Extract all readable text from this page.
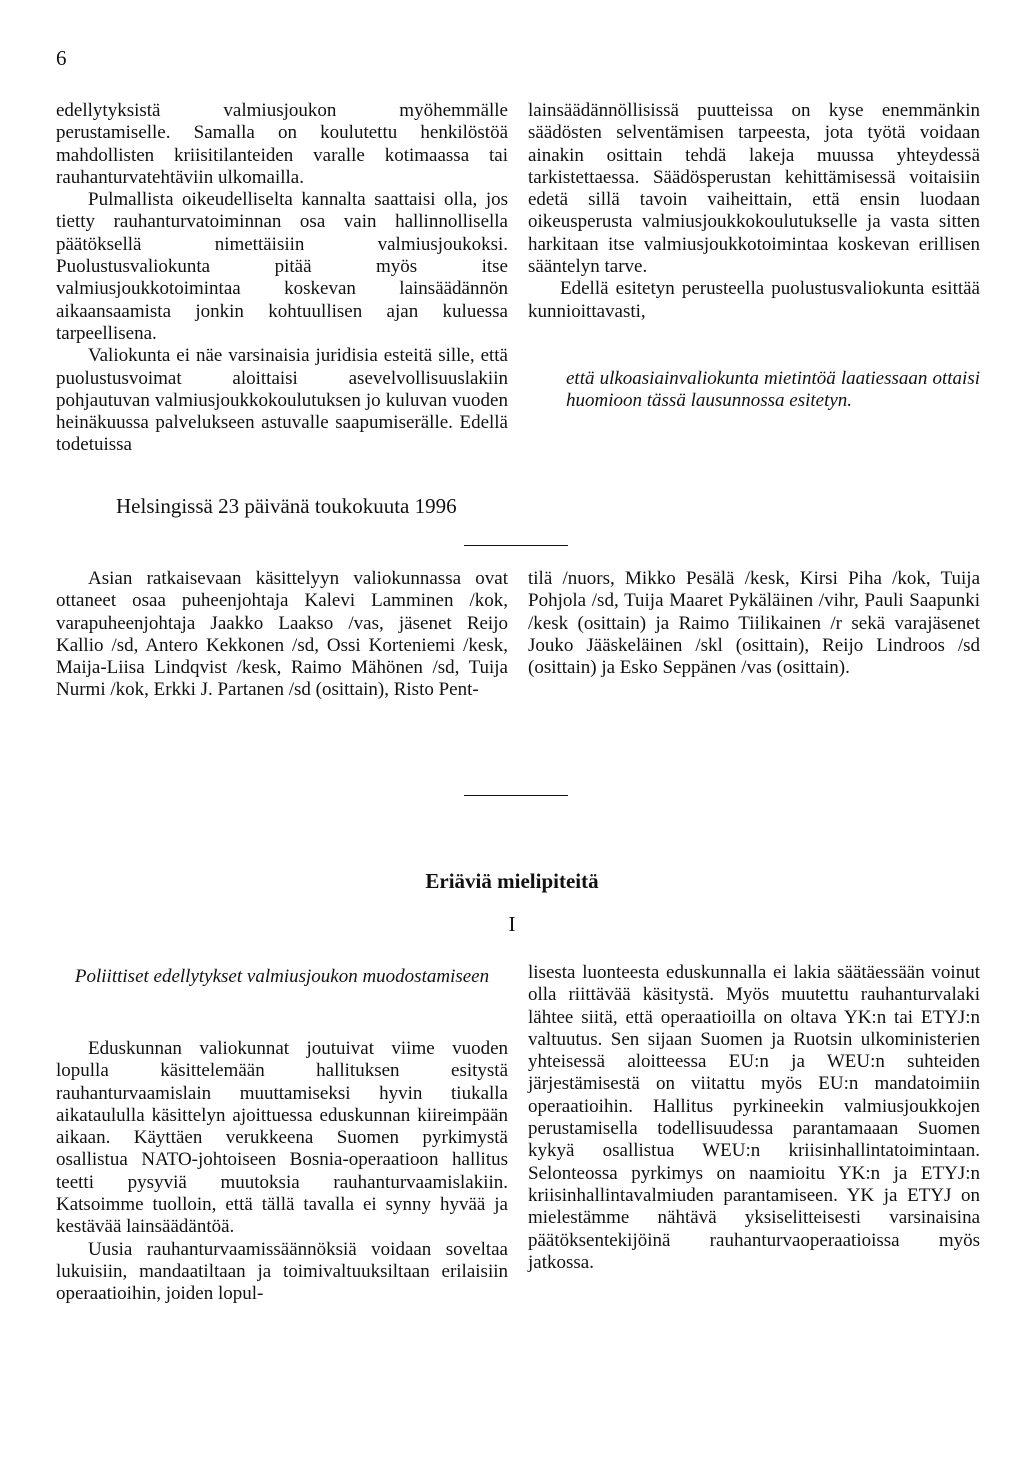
6

edellytyksistä valmiusjoukon myöhemmälle perustamiselle. Samalla on koulutettu henkilöstöä mahdollisten kriisitilanteiden varalle kotimaassa tai rauhanturvatehtäviin ulkomailla.

Pulmallista oikeudelliselta kannalta saattaisi olla, jos tietty rauhanturvatoiminnan osa vain hallinnollisella päätöksellä nimettäisiin valmiusjoukoksi. Puolustusvaliokunta pitää myös itse valmiusjoukkotoimintaa koskevan lainsäädännön aikaansaamista jonkin kohtuullisen ajan kuluessa tarpeellisena.

Valiokunta ei näe varsinaisia juridisia esteitä sille, että puolustusvoimat aloittaisi asevelvollisuuslakiin pohjautuvan valmiusjoukkokoulutuksen jo kuluvan vuoden heinäkuussa palvelukseen astuvalle saapumiserälle. Edellä todetuissa

lainsäädännöllisissä puutteissa on kyse enemmänkin säädösten selventämisen tarpeesta, jota työtä voidaan ainakin osittain tehdä lakeja muussa yhteydessä tarkistettaessa. Säädösperustan kehittämisessä voitaisiin edetä sillä tavoin vaiheittain, että ensin luodaan oikeusperusta valmiusjoukkokoulutukselle ja vasta sitten harkitaan itse valmiusjoukkotoimintaa koskevan erillisen sääntelyn tarve.

Edellä esitetyn perusteella puolustusvaliokunta esittää kunnioittavasti,

että ulkoasiainvaliokunta mietintöä laatiessaan ottaisi huomioon tässä lausunnossa esitetyn.
Helsingissä 23 päivänä toukokuuta 1996

Asian ratkaisevaan käsittelyyn valiokunnassa ovat ottaneet osaa puheenjohtaja Kalevi Lamminen /kok, varapuheenjohtaja Jaakko Laakso /vas, jäsenet Reijo Kallio /sd, Antero Kekkonen /sd, Ossi Korteniemi /kesk, Maija-Liisa Lindqvist /kesk, Raimo Mähönen /sd, Tuija Nurmi /kok, Erkki J. Partanen /sd (osittain), Risto Pent-

tilä /nuors, Mikko Pesälä /kesk, Kirsi Piha /kok, Tuija Pohjola /sd, Tuija Maaret Pykäläinen /vihr, Pauli Saapunki /kesk (osittain) ja Raimo Tiilikainen /r sekä varajäsenet Jouko Jääskeläinen /skl (osittain), Reijo Lindroos /sd (osittain) ja Esko Seppänen /vas (osittain).

Eriäviä mielipiteitä
I
Poliittiset edellytykset valmiusjoukon muodostamiseen

Eduskunnan valiokunnat joutuivat viime vuoden lopulla käsittelemään hallituksen esitystä rauhanturvaamislain muuttamiseksi hyvin tiukalla aikataululla käsittelyn ajoittuessa eduskunnan kiireimpään aikaan. Käyttäen verukkeena Suomen pyrkimystä osallistua NATO-johtoiseen Bosnia-operaatioon hallitus teetti pysyviä muutoksia rauhanturvaamislakiin. Katsoimme tuolloin, että tällä tavalla ei synny hyvää ja kestävää lainsäädäntöä.

Uusia rauhanturvaamissäännöksiä voidaan soveltaa lukuisiin, mandaatiltaan ja toimivaltuuksiltaan erilaisiin operaatioihin, joiden lopul-

lisesta luonteesta eduskunnalla ei lakia säätäessään voinut olla riittävää käsitystä. Myös muutettu rauhanturvalaki lähtee siitä, että operaatioilla on oltava YK:n tai ETYJ:n valtuutus. Sen sijaan Suomen ja Ruotsin ulkoministerien yhteisessä aloitteessa EU:n ja WEU:n suhteiden järjestämisestä on viitattu myös EU:n mandatoimiin operaatioihin. Hallitus pyrkineekin valmiusjoukkojen perustamisella todellisuudessa parantamaaan Suomen kykyä osallistua WEU:n kriisinhallintatoimintaan. Selonteossa pyrkimys on naamioitu YK:n ja ETYJ:n kriisinhallintavalmiuden parantamiseen. YK ja ETYJ on mielestämme nähtävä yksiselitteisesti varsinaisina päätöksentekijöinä rauhanturvaoperaatioissa myös jatkossa.
